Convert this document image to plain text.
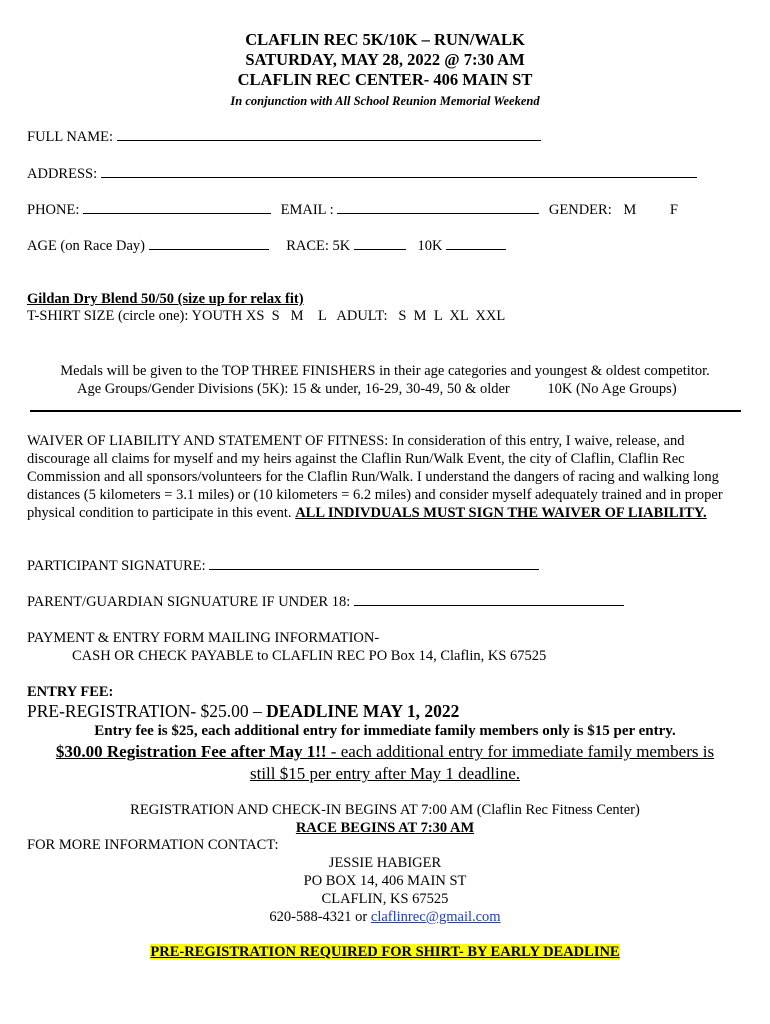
CLAFLIN REC 5K/10K – RUN/WALK
SATURDAY, MAY 28, 2022 @ 7:30 AM
CLAFLIN REC CENTER- 406 MAIN ST
In conjunction with All School Reunion Memorial Weekend
FULL NAME:
ADDRESS:
PHONE:	EMAIL :	GENDER: M F
AGE (on Race Day)	RACE: 5K	10K
Gildan Dry Blend 50/50 (size up for relax fit)
T-SHIRT SIZE (circle one): YOUTH XS  S   M    L   ADULT:   S  M  L  XL  XXL
Medals will be given to the TOP THREE FINISHERS in their age categories and youngest & oldest competitor.
Age Groups/Gender Divisions (5K): 15 & under, 16-29, 30-49, 50 & older	10K (No Age Groups)
WAIVER OF LIABILITY AND STATEMENT OF FITNESS: In consideration of this entry, I waive, release, and discourage all claims for myself and my heirs against the Claflin Run/Walk Event, the city of Claflin, Claflin Rec Commission and all sponsors/volunteers for the Claflin Run/Walk. I understand the dangers of racing and walking long distances (5 kilometers = 3.1 miles) or (10 kilometers = 6.2 miles) and consider myself adequately trained and in proper physical condition to participate in this event. ALL INDIVDUALS MUST SIGN THE WAIVER OF LIABILITY.
PARTICIPANT SIGNATURE:
PARENT/GUARDIAN SIGNUATURE IF UNDER 18:
PAYMENT & ENTRY FORM MAILING INFORMATION-
CASH OR CHECK PAYABLE to CLAFLIN REC PO Box 14, Claflin, KS 67525
ENTRY FEE:
PRE-REGISTRATION- $25.00 – DEADLINE MAY 1, 2022
Entry fee is $25, each additional entry for immediate family members only is $15 per entry.
$30.00 Registration Fee after May 1!! - each additional entry for immediate family members is
still $15 per entry after May 1 deadline.
REGISTRATION AND CHECK-IN BEGINS AT 7:00 AM (Claflin Rec Fitness Center)
RACE BEGINS AT 7:30 AM
FOR MORE INFORMATION CONTACT:
JESSIE HABIGER
PO BOX 14, 406 MAIN ST
CLAFLIN, KS 67525
620-588-4321 or claflinrec@gmail.com
PRE-REGISTRATION REQUIRED FOR SHIRT- BY EARLY DEADLINE
